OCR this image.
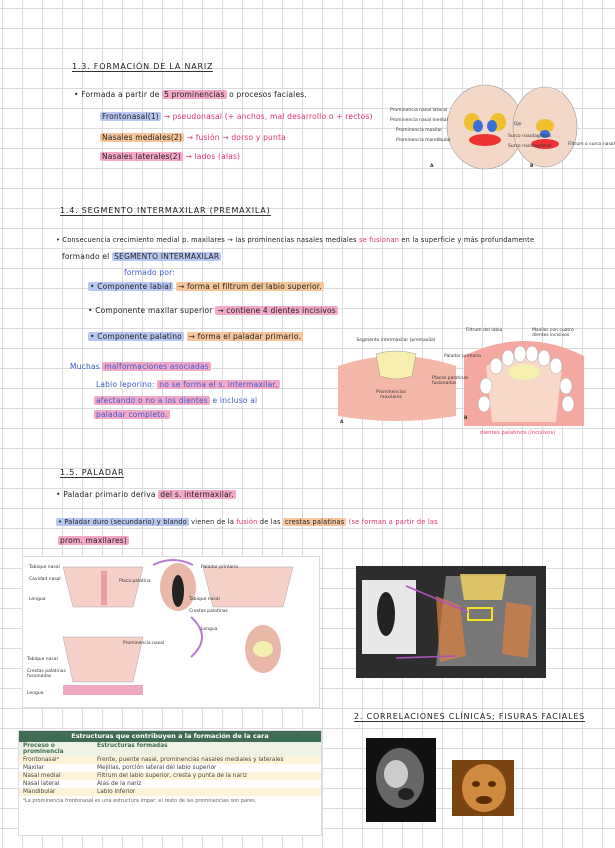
1.3. FORMACIÓN DE LA NARIZ
• Formada a partir de 5 prominencias o procesos faciales.
Frontonasal(1) → pseudonasal (+ anchos, mal desarrollo o + rectos)
Nasales mediales(2) → fusión → dorso y punta
Nasales laterales(2) → lados (alas)
Prominencia nasal lateral
Prominencia nasal medial
Prominencia maxilar
Prominencia mandibular
Ojo
Surco nasolagrimal
Filtrum o surco nasal
Surco nasolagrimal
A	B
1.4. SEGMENTO INTERMAXILAR (PREMAXILA)
• Consecuencia crecimiento medial p. maxilares → las prominencias nasales mediales se fusionan en la superficie y más profundamente
formando el SEGMENTO INTERMAXILAR
formado por:
• Componente labial → forma el filtrum del labio superior.
• Componente maxilar superior → contiene 4 dientes incisivos
• Componente palatino → forma el paladar primario.
Muchas malformaciones asociadas
Labio leporino: no se forma el s. intermaxilar,
afectando o no a los dientes e incluso al
paladar completo.
Segmento intermaxilar (premaxila)
Filtrum del labio	Maxilar con cuatro dientes incisivos
Paladar primario
Placas palatinas fusionadas
Prominencias maxilares
A
B
dientes palatinos (incisivos)
1.5. PALADAR
• Paladar primario deriva del s. intermaxilar.
• Paladar duro (secundario) y blando vienen de la fusión de las crestas palatinas (se forman a partir de las
prom. maxilares)
Tabique nasal
Cavidad nasal
Lengua
Placa palatina
Paladar primario
Tabique nasal
Crestas palatinas
Lengua
Prominencia nasal
Tabique nasal
Crestas palatinas fusionadas
Lengua
2. CORRELACIONES CLÍNICAS; FISURAS FACIALES
Estructuras que contribuyen a la formación de la cara
Proceso o prominencia	Estructuras formadas
Frontonasalᵃ	Frente, puente nasal, prominencias nasales mediales y laterales
Maxilar	Mejillas, porción lateral del labio superior
Nasal medial	Filtrum del labio superior, cresta y punta de la nariz
Nasal lateral	Alas de la nariz
Mandibular	Labio inferior
ᵃLa prominencia frontonasal es una estructura impar; el resto de las prominencias son pares.
